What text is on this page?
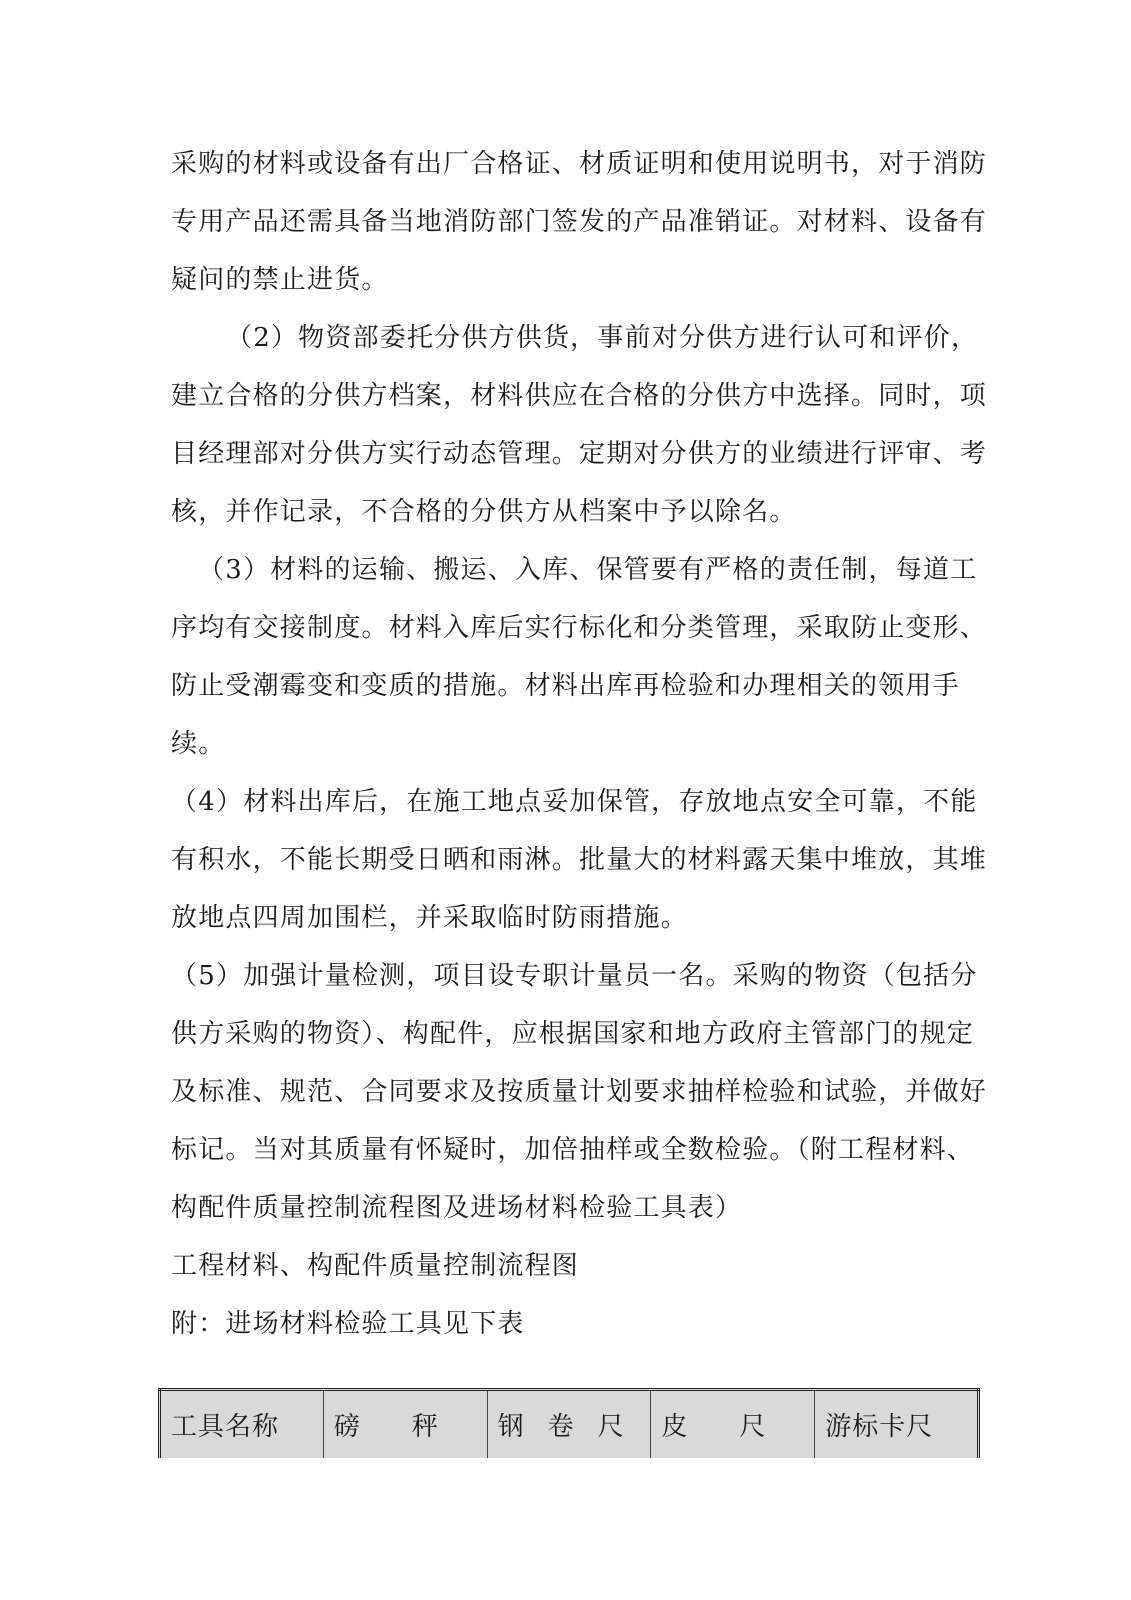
采购的材料或设备有出厂合格证、材质证明和使用说明书，对于消防
专用产品还需具备当地消防部门签发的产品准销证。对材料、设备有
疑问的禁止进货。
（2）物资部委托分供方供货，事前对分供方进行认可和评价，
建立合格的分供方档案，材料供应在合格的分供方中选择。同时，项
目经理部对分供方实行动态管理。定期对分供方的业绩进行评审、考
核，并作记录，不合格的分供方从档案中予以除名。
（3）材料的运输、搬运、入库、保管要有严格的责任制，每道工
序均有交接制度。材料入库后实行标化和分类管理，采取防止变形、
防止受潮霉变和变质的措施。材料出库再检验和办理相关的领用手
续。
（4）材料出库后，在施工地点妥加保管，存放地点安全可靠，不能
有积水，不能长期受日晒和雨淋。批量大的材料露天集中堆放，其堆
放地点四周加围栏，并采取临时防雨措施。
（5）加强计量检测，项目设专职计量员一名。采购的物资（包括分
供方采购的物资）、构配件，应根据国家和地方政府主管部门的规定
及标准、规范、合同要求及按质量计划要求抽样检验和试验，并做好
标记。当对其质量有怀疑时，加倍抽样或全数检验。（附工程材料、
构配件质量控制流程图及进场材料检验工具表）
工程材料、构配件质量控制流程图
附：进场材料检验工具见下表
工具名称	磅秤	钢卷尺	皮尺	游标卡尺
